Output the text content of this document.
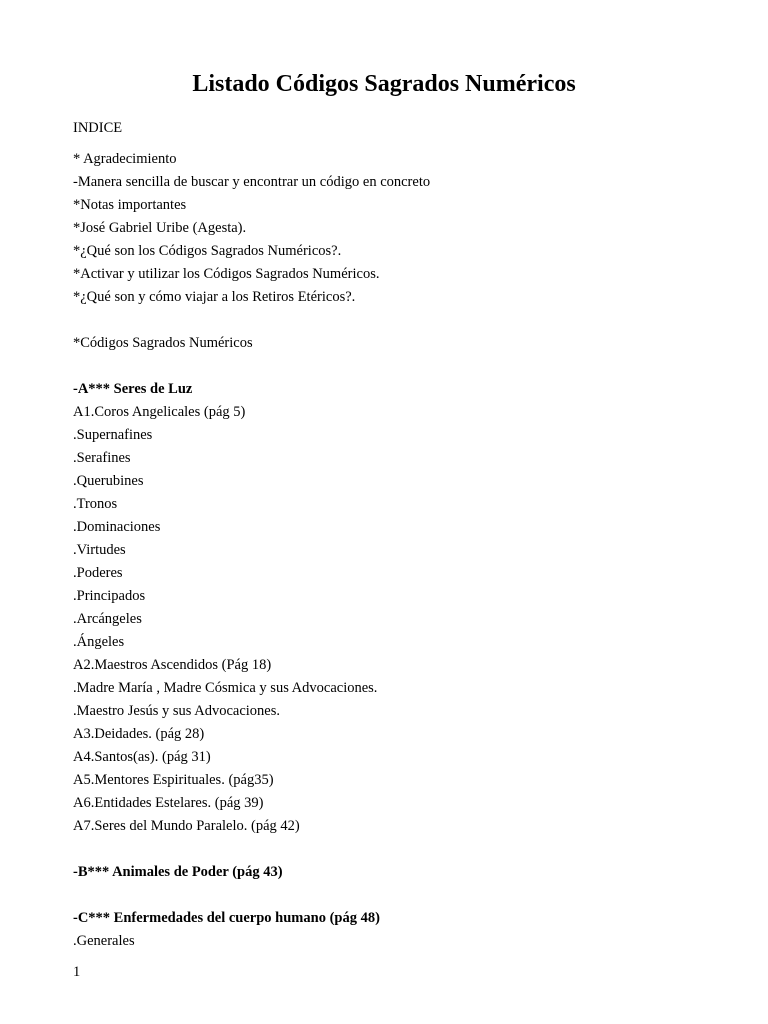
Listado Códigos Sagrados Numéricos
INDICE
* Agradecimiento
-Manera sencilla de buscar y encontrar un código en concreto
*Notas importantes
*José Gabriel Uribe (Agesta).
*¿Qué son los Códigos Sagrados Numéricos?.
*Activar y utilizar los Códigos Sagrados Numéricos.
*¿Qué son y cómo viajar a los Retiros Etéricos?.
*Códigos Sagrados Numéricos
-A*** Seres de Luz
A1.Coros Angelicales (pág 5)
.Supernafines
.Serafines
.Querubines
.Tronos
.Dominaciones
.Virtudes
.Poderes
.Principados
.Arcángeles
.Ángeles
A2.Maestros Ascendidos (Pág 18)
.Madre María , Madre Cósmica y sus Advocaciones.
.Maestro Jesús y sus Advocaciones.
A3.Deidades. (pág 28)
A4.Santos(as). (pág 31)
A5.Mentores Espirituales. (pág35)
A6.Entidades Estelares. (pág 39)
A7.Seres del Mundo Paralelo. (pág 42)
-B*** Animales de Poder (pág 43)
-C*** Enfermedades del cuerpo humano (pág 48)
.Generales
1
